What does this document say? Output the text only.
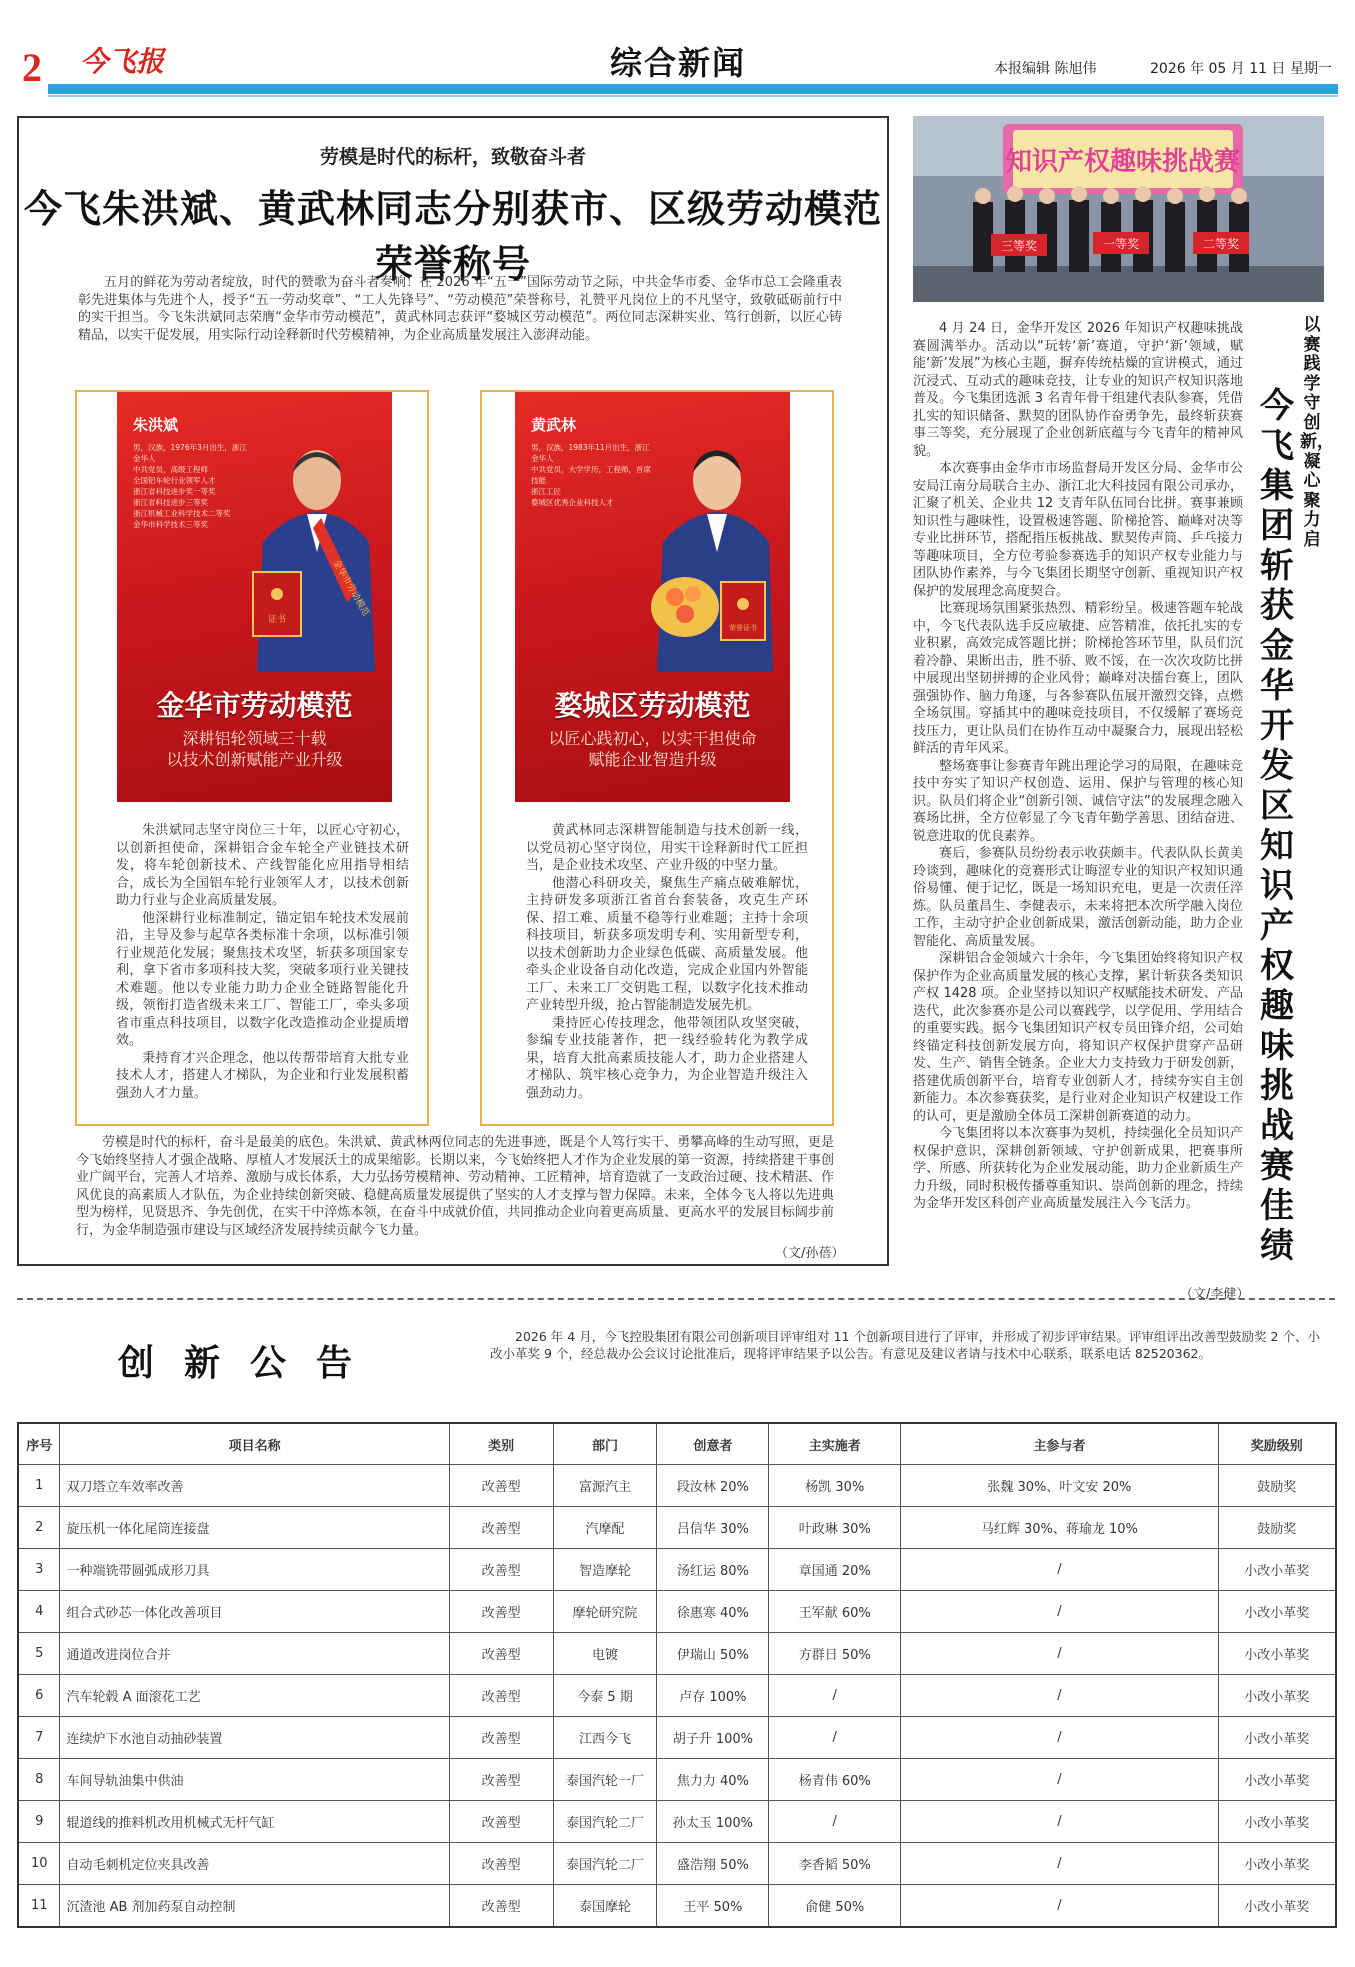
2 今飞报	综合新闻	本报编辑 陈旭伟	2026 年 05 月 11 日 星期一
劳模是时代的标杆，致敬奋斗者
今飞朱洪斌、黄武林同志分别获市、区级劳动模范荣誉称号
五月的鲜花为劳动者绽放，时代的赞歌为奋斗者奏响！在 2026 年“五一”国际劳动节之际，中共金华市委、金华市总工会隆重表彰先进集体与先进个人，授予“五一劳动奖章”、“工人先锋号”、“劳动模范”荣誉称号，礼赞平凡岗位上的不凡坚守，致敬砥砺前行中的实干担当。今飞朱洪斌同志荣膺“金华市劳动模范”，黄武林同志获评“婺城区劳动模范”。两位同志深耕实业、笃行创新，以匠心铸精品，以实干促发展，用实际行动诠释新时代劳模精神，为企业高质量发展注入澎湃动能。
朱洪斌
男，汉族，1976年3月出生，浙江金华人
中共党员，高级工程师
全国铝车轮行业领军人才
浙江省科技进步奖一等奖
浙江省科技进步三等奖
浙江机械工业科学技术二等奖
金华市科学技术三等奖
金华市劳动模范
证书
金华市劳动模范
深耕铝轮领域三十载
以技术创新赋能产业升级
黄武林
男，汉族，1983年11月出生，浙江金华人
中共党员，大学学历，工程师，首席技能
浙江工匠
婺城区优秀企业科技人才
荣誉证书
婺城区劳动模范
以匠心践初心，以实干担使命
赋能企业智造升级
朱洪斌同志坚守岗位三十年，以匠心守初心，以创新担使命，深耕铝合金车轮全产业链技术研发，将车轮创新技术、产线智能化应用指导相结合，成长为全国铝车轮行业领军人才，以技术创新助力行业与企业高质量发展。
他深耕行业标准制定，锚定铝车轮技术发展前沿，主导及参与起草各类标准十余项，以标准引领行业规范化发展；聚焦技术攻坚，斩获多项国家专利，拿下省市多项科技大奖，突破多项行业关键技术难题。他以专业能力助力企业全链路智能化升级，领衔打造省级未来工厂、智能工厂，牵头多项省市重点科技项目，以数字化改造推动企业提质增效。
秉持育才兴企理念，他以传帮带培育大批专业技术人才，搭建人才梯队，为企业和行业发展积蓄强劲人才力量。
黄武林同志深耕智能制造与技术创新一线，以党员初心坚守岗位，用实干诠释新时代工匠担当，是企业技术攻坚、产业升级的中坚力量。
他潜心科研攻关，聚焦生产痛点破难解忧，主持研发多项浙江省首台套装备，攻克生产环保、招工难、质量不稳等行业难题；主持十余项科技项目，斩获多项发明专利、实用新型专利，以技术创新助力企业绿色低碳、高质量发展。他牵头企业设备自动化改造，完成企业国内外智能工厂、未来工厂交钥匙工程，以数字化技术推动产业转型升级，抢占智能制造发展先机。
秉持匠心传技理念，他带领团队攻坚突破，参编专业技能著作，把一线经验转化为教学成果，培育大批高素质技能人才，助力企业搭建人才梯队、筑牢核心竞争力，为企业智造升级注入强劲动力。
劳模是时代的标杆，奋斗是最美的底色。朱洪斌、黄武林两位同志的先进事迹，既是个人笃行实干、勇攀高峰的生动写照，更是今飞始终坚持人才强企战略、厚植人才发展沃土的成果缩影。长期以来，今飞始终把人才作为企业发展的第一资源，持续搭建干事创业广阔平台，完善人才培养、激励与成长体系，大力弘扬劳模精神、劳动精神、工匠精神，培育造就了一支政治过硬、技术精湛、作风优良的高素质人才队伍，为企业持续创新突破、稳健高质量发展提供了坚实的人才支撑与智力保障。未来，全体今飞人将以先进典型为榜样，见贤思齐、争先创优，在实干中淬炼本领，在奋斗中成就价值，共同推动企业向着更高质量、更高水平的发展目标阔步前行，为金华制造强市建设与区域经济发展持续贡献今飞力量。
（文/孙蓓）
知识产权趣味挑战赛
三等奖	一等奖	二等奖
4 月 24 日，金华开发区 2026 年知识产权趣味挑战赛圆满举办。活动以“玩转‘新’赛道，守护‘新’领域，赋能‘新’发展”为核心主题，摒弃传统枯燥的宣讲模式，通过沉浸式、互动式的趣味竞技，让专业的知识产权知识落地普及。今飞集团选派 3 名青年骨干组建代表队参赛，凭借扎实的知识储备、默契的团队协作奋勇争先，最终斩获赛事三等奖，充分展现了企业创新底蕴与今飞青年的精神风貌。
本次赛事由金华市市场监督局开发区分局、金华市公安局江南分局联合主办、浙江北大科技园有限公司承办，汇聚了机关、企业共 12 支青年队伍同台比拼。赛事兼顾知识性与趣味性，设置极速答题、阶梯抢答、巅峰对决等专业比拼环节，搭配指压板挑战、默契传声筒、乒乓接力等趣味项目，全方位考验参赛选手的知识产权专业能力与团队协作素养，与今飞集团长期坚守创新、重视知识产权保护的发展理念高度契合。
比赛现场氛围紧张热烈、精彩纷呈。极速答题车轮战中，今飞代表队选手反应敏捷、应答精准，依托扎实的专业积累，高效完成答题比拼；阶梯抢答环节里，队员们沉着冷静、果断出击，胜不骄、败不馁，在一次次攻防比拼中展现出坚韧拼搏的企业风骨；巅峰对决擂台赛上，团队强强协作、脑力角逐，与各参赛队伍展开激烈交锋，点燃全场氛围。穿插其中的趣味竞技项目，不仅缓解了赛场竞技压力，更让队员们在协作互动中凝聚合力，展现出轻松鲜活的青年风采。
整场赛事让参赛青年跳出理论学习的局限，在趣味竞技中夯实了知识产权创造、运用、保护与管理的核心知识。队员们将企业“创新引领、诚信守法”的发展理念融入赛场比拼，全方位彰显了今飞青年勤学善思、团结奋进、锐意进取的优良素养。
赛后，参赛队员纷纷表示收获颇丰。代表队队长黄美玲谈到，趣味化的竞赛形式让晦涩专业的知识产权知识通俗易懂、便于记忆，既是一场知识充电，更是一次责任淬炼。队员董昌生、李健表示，未来将把本次所学融入岗位工作，主动守护企业创新成果，激活创新动能，助力企业智能化、高质量发展。
深耕铝合金领域六十余年，今飞集团始终将知识产权保护作为企业高质量发展的核心支撑，累计斩获各类知识产权 1428 项。企业坚持以知识产权赋能技术研发、产品迭代，此次参赛亦是公司以赛践学，以学促用、学用结合的重要实践。据今飞集团知识产权专员田锋介绍，公司始终锚定科技创新发展方向，将知识产权保护贯穿产品研发、生产、销售全链条。企业大力支持致力于研发创新，搭建优质创新平台，培育专业创新人才，持续夯实自主创新能力。本次参赛获奖，是行业对企业知识产权建设工作的认可，更是激励全体员工深耕创新赛道的动力。
今飞集团将以本次赛事为契机，持续强化全员知识产权保护意识，深耕创新领域、守护创新成果，把赛事所学、所感、所获转化为企业发展动能，助力企业新质生产力升级，同时积极传播尊重知识、崇尚创新的理念，持续为金华开发区科创产业高质量发展注入今飞活力。
以赛践学守创新，凝心聚力启
今飞集团斩获金华开发区知识产权趣味挑战赛佳绩
（文/李健）
创新公告
2026 年 4 月，今飞控股集团有限公司创新项目评审组对 11 个创新项目进行了评审，并形成了初步评审结果。评审组评出改善型鼓励奖 2 个、小改小革奖 9 个，经总裁办公会议讨论批准后，现将评审结果予以公告。有意见及建议者请与技术中心联系，联系电话 82520362。
序号	项目名称	类别	部门	创意者	主实施者	主参与者	奖励级别
1	双刀塔立车效率改善	改善型	富源汽主	段汝林 20%	杨凯 30%	张魏 30%、叶文安 20%	鼓励奖
2	旋压机一体化尾筒连接盘	改善型	汽摩配	吕信华 30%	叶政琳 30%	马红辉 30%、蒋瑜龙 10%	鼓励奖
3	一种端铣带圆弧成形刀具	改善型	智造摩轮	汤红运 80%	章国通 20%	/	小改小革奖
4	组合式砂芯一体化改善项目	改善型	摩轮研究院	徐惠寒 40%	王军献 60%	/	小改小革奖
5	通道改进岗位合并	改善型	电镀	伊瑞山 50%	方群日 50%	/	小改小革奖
6	汽车轮毂 A 面滚花工艺	改善型	今泰 5 期	卢存 100%	/	/	小改小革奖
7	连续炉下水池自动抽砂装置	改善型	江西今飞	胡子升 100%	/	/	小改小革奖
8	车间导轨油集中供油	改善型	泰国汽轮一厂	焦力力 40%	杨青伟 60%	/	小改小革奖
9	辊道线的推料机改用机械式无杆气缸	改善型	泰国汽轮二厂	孙太玉 100%	/	/	小改小革奖
10	自动毛刺机定位夹具改善	改善型	泰国汽轮二厂	盛浩翔 50%	李香韬 50%	/	小改小革奖
11	沉渣池 AB 剂加药泵自动控制	改善型	泰国摩轮	王平 50%	俞健 50%	/	小改小革奖
